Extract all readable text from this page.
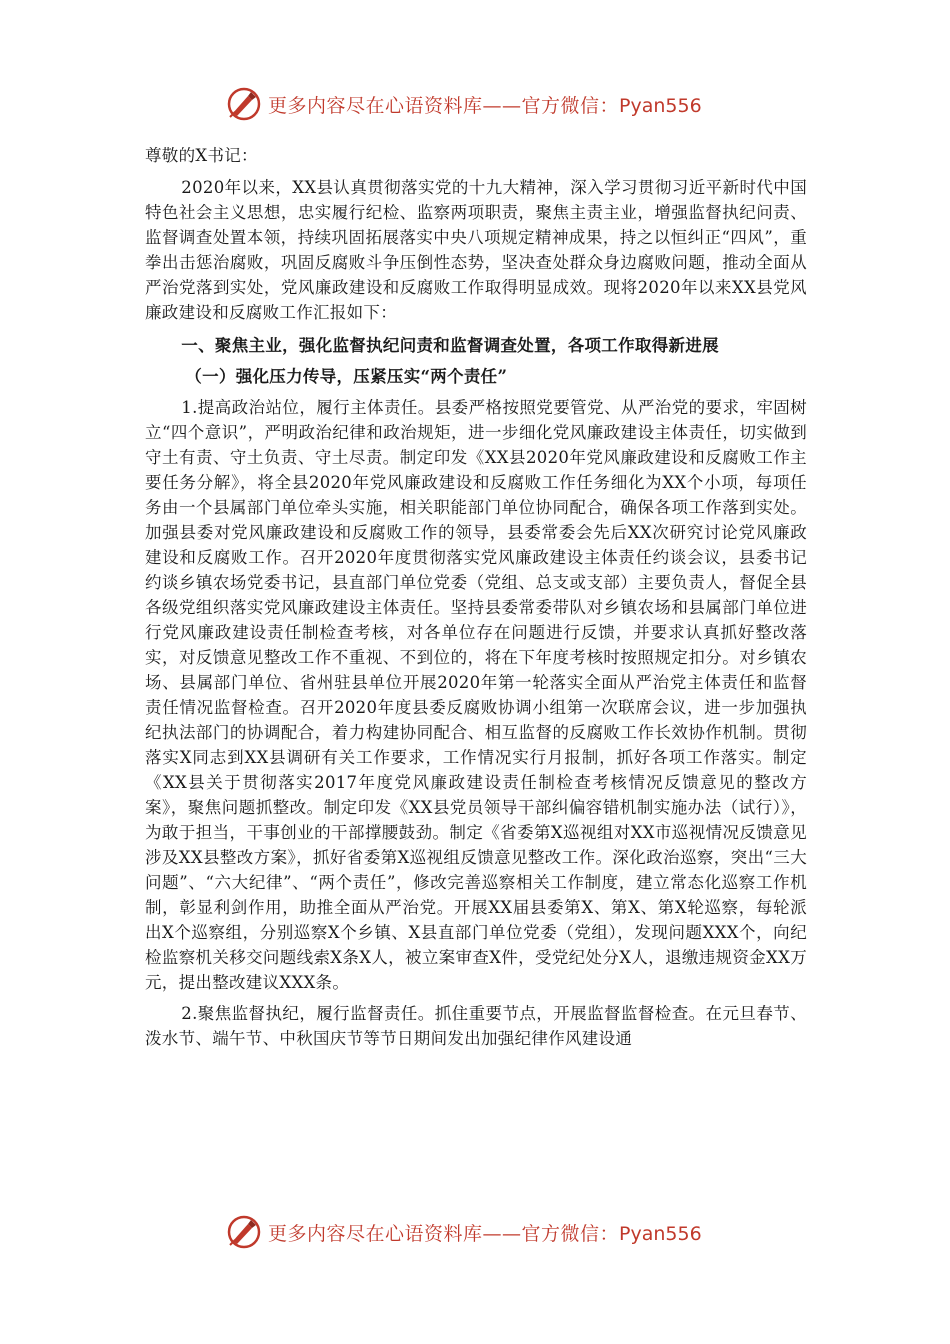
更多内容尽在心语资料库——官方微信：Pyan556

尊敬的X书记：

2020年以来，XX县认真贯彻落实党的十九大精神，深入学习贯彻习近平新时代中国特色社会主义思想，忠实履行纪检、监察两项职责，聚焦主责主业，增强监督执纪问责、监督调查处置本领，持续巩固拓展落实中央八项规定精神成果，持之以恒纠正“四风”，重拳出击惩治腐败，巩固反腐败斗争压倒性态势，坚决查处群众身边腐败问题，推动全面从严治党落到实处，党风廉政建设和反腐败工作取得明显成效。现将2020年以来XX县党风廉政建设和反腐败工作汇报如下：

一、聚焦主业，强化监督执纪问责和监督调查处置，各项工作取得新进展

（一）强化压力传导，压紧压实“两个责任”

1.提高政治站位，履行主体责任。县委严格按照党要管党、从严治党的要求，牢固树立“四个意识”，严明政治纪律和政治规矩，进一步细化党风廉政建设主体责任，切实做到守土有责、守土负责、守土尽责。制定印发《XX县2020年党风廉政建设和反腐败工作主要任务分解》，将全县2020年党风廉政建设和反腐败工作任务细化为XX个小项，每项任务由一个县属部门单位牵头实施，相关职能部门单位协同配合，确保各项工作落到实处。加强县委对党风廉政建设和反腐败工作的领导，县委常委会先后XX次研究讨论党风廉政建设和反腐败工作。召开2020年度贯彻落实党风廉政建设主体责任约谈会议，县委书记约谈乡镇农场党委书记，县直部门单位党委（党组、总支或支部）主要负责人，督促全县各级党组织落实党风廉政建设主体责任。坚持县委常委带队对乡镇农场和县属部门单位进行党风廉政建设责任制检查考核，对各单位存在问题进行反馈，并要求认真抓好整改落实，对反馈意见整改工作不重视、不到位的，将在下年度考核时按照规定扣分。对乡镇农场、县属部门单位、省州驻县单位开展2020年第一轮落实全面从严治党主体责任和监督责任情况监督检查。召开2020年度县委反腐败协调小组第一次联席会议，进一步加强执纪执法部门的协调配合，着力构建协同配合、相互监督的反腐败工作长效协作机制。贯彻落实X同志到XX县调研有关工作要求，工作情况实行月报制，抓好各项工作落实。制定《XX县关于贯彻落实2017年度党风廉政建设责任制检查考核情况反馈意见的整改方案》，聚焦问题抓整改。制定印发《XX县党员领导干部纠偏容错机制实施办法（试行）》，为敢于担当，干事创业的干部撑腰鼓劲。制定《省委第X巡视组对XX市巡视情况反馈意见涉及XX县整改方案》，抓好省委第X巡视组反馈意见整改工作。深化政治巡察，突出“三大问题”、“六大纪律”、“两个责任”，修改完善巡察相关工作制度，建立常态化巡察工作机制，彰显利剑作用，助推全面从严治党。开展XX届县委第X、第X、第X轮巡察，每轮派出X个巡察组，分别巡察X个乡镇、X县直部门单位党委（党组），发现问题XXX个，向纪检监察机关移交问题线索X条X人，被立案审查X件，受党纪处分X人，退缴违规资金XX万元，提出整改建议XXX条。

2.聚焦监督执纪，履行监督责任。抓住重要节点，开展监督监督检查。在元旦春节、泼水节、端午节、中秋国庆节等节日期间发出加强纪律作风建设通

更多内容尽在心语资料库——官方微信：Pyan556
